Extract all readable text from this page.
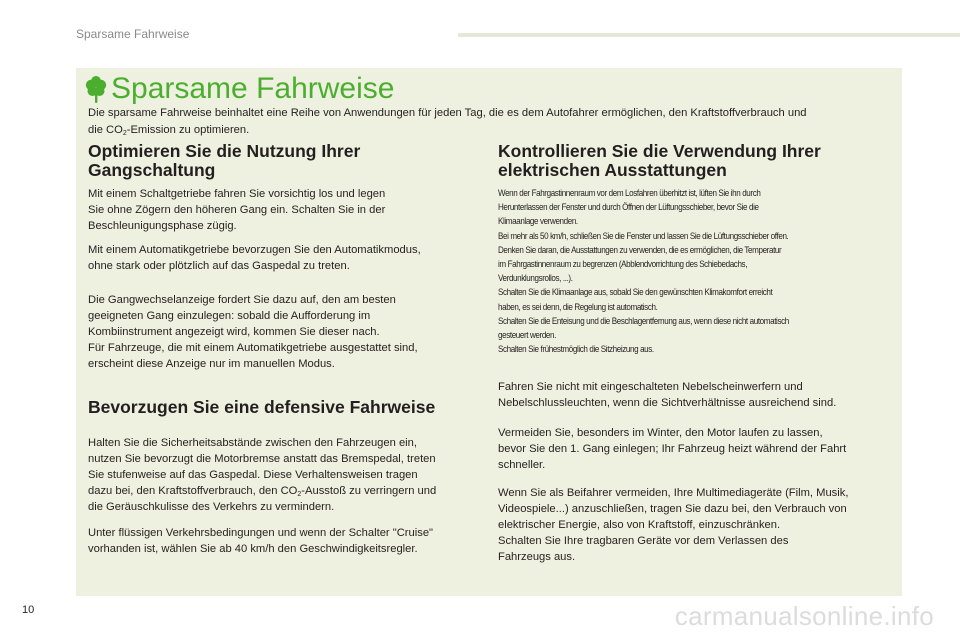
Sparsame Fahrweise
Sparsame Fahrweise

Die sparsame Fahrweise beinhaltet eine Reihe von Anwendungen für jeden Tag, die es dem Autofahrer ermöglichen, den Kraftstoffverbrauch und
die $CO_2$-Emission zu optimieren.

Optimieren Sie die Nutzung Ihrer
Gangschaltung

Mit einem Schaltgetriebe fahren Sie vorsichtig los und legen
Sie ohne Zögern den höheren Gang ein. Schalten Sie in der
Beschleunigungsphase zügig.

Mit einem Automatikgetriebe bevorzugen Sie den Automatikmodus,
ohne stark oder plötzlich auf das Gaspedal zu treten.

Die Gangwechselanzeige fordert Sie dazu auf, den am besten
geeigneten Gang einzulegen: sobald die Aufforderung im
Kombiinstrument angezeigt wird, kommen Sie dieser nach.
Für Fahrzeuge, die mit einem Automatikgetriebe ausgestattet sind,
erscheint diese Anzeige nur im manuellen Modus.

Bevorzugen Sie eine defensive Fahrweise

Halten Sie die Sicherheitsabstände zwischen den Fahrzeugen ein,
nutzen Sie bevorzugt die Motorbremse anstatt das Bremspedal, treten
Sie stufenweise auf das Gaspedal. Diese Verhaltensweisen tragen
dazu bei, den Kraftstoffverbrauch, den $CO_2$-Ausstoß zu verringern und
die Geräuschkulisse des Verkehrs zu vermindern.

Unter flüssigen Verkehrsbedingungen und wenn der Schalter "Cruise"
vorhanden ist, wählen Sie ab 40 km/h den Geschwindigkeitsregler.

Kontrollieren Sie die Verwendung Ihrer
elektrischen Ausstattungen

Wenn der Fahrgastinnenraum vor dem Losfahren überhitzt ist, lüften Sie ihn durch
Herunterlassen der Fenster und durch Öffnen der Lüftungsschieber, bevor Sie die
Klimaanlage verwenden.
Bei mehr als 50 km/h, schließen Sie die Fenster und lassen Sie die Lüftungsschieber offen.
Denken Sie daran, die Ausstattungen zu verwenden, die es ermöglichen, die Temperatur
im Fahrgastinnenraum zu begrenzen (Abblendvorrichtung des Schiebedachs,
Verdunklungsrollos, ...).
Schalten Sie die Klimaanlage aus, sobald Sie den gewünschten Klimakomfort erreicht
haben, es sei denn, die Regelung ist automatisch.
Schalten Sie die Enteisung und die Beschlagentfernung aus, wenn diese nicht automatisch
gesteuert werden.
Schalten Sie frühestmöglich die Sitzheizung aus.

Fahren Sie nicht mit eingeschalteten Nebelscheinwerfern und
Nebelschlussleuchten, wenn die Sichtverhältnisse ausreichend sind.

Vermeiden Sie, besonders im Winter, den Motor laufen zu lassen,
bevor Sie den 1. Gang einlegen; Ihr Fahrzeug heizt während der Fahrt
schneller.

Wenn Sie als Beifahrer vermeiden, Ihre Multimediageräte (Film, Musik,
Videospiele...) anzuschließen, tragen Sie dazu bei, den Verbrauch von
elektrischer Energie, also von Kraftstoff, einzuschränken.
Schalten Sie Ihre tragbaren Geräte vor dem Verlassen des
Fahrzeugs aus.

10	carmanualsonline.info
